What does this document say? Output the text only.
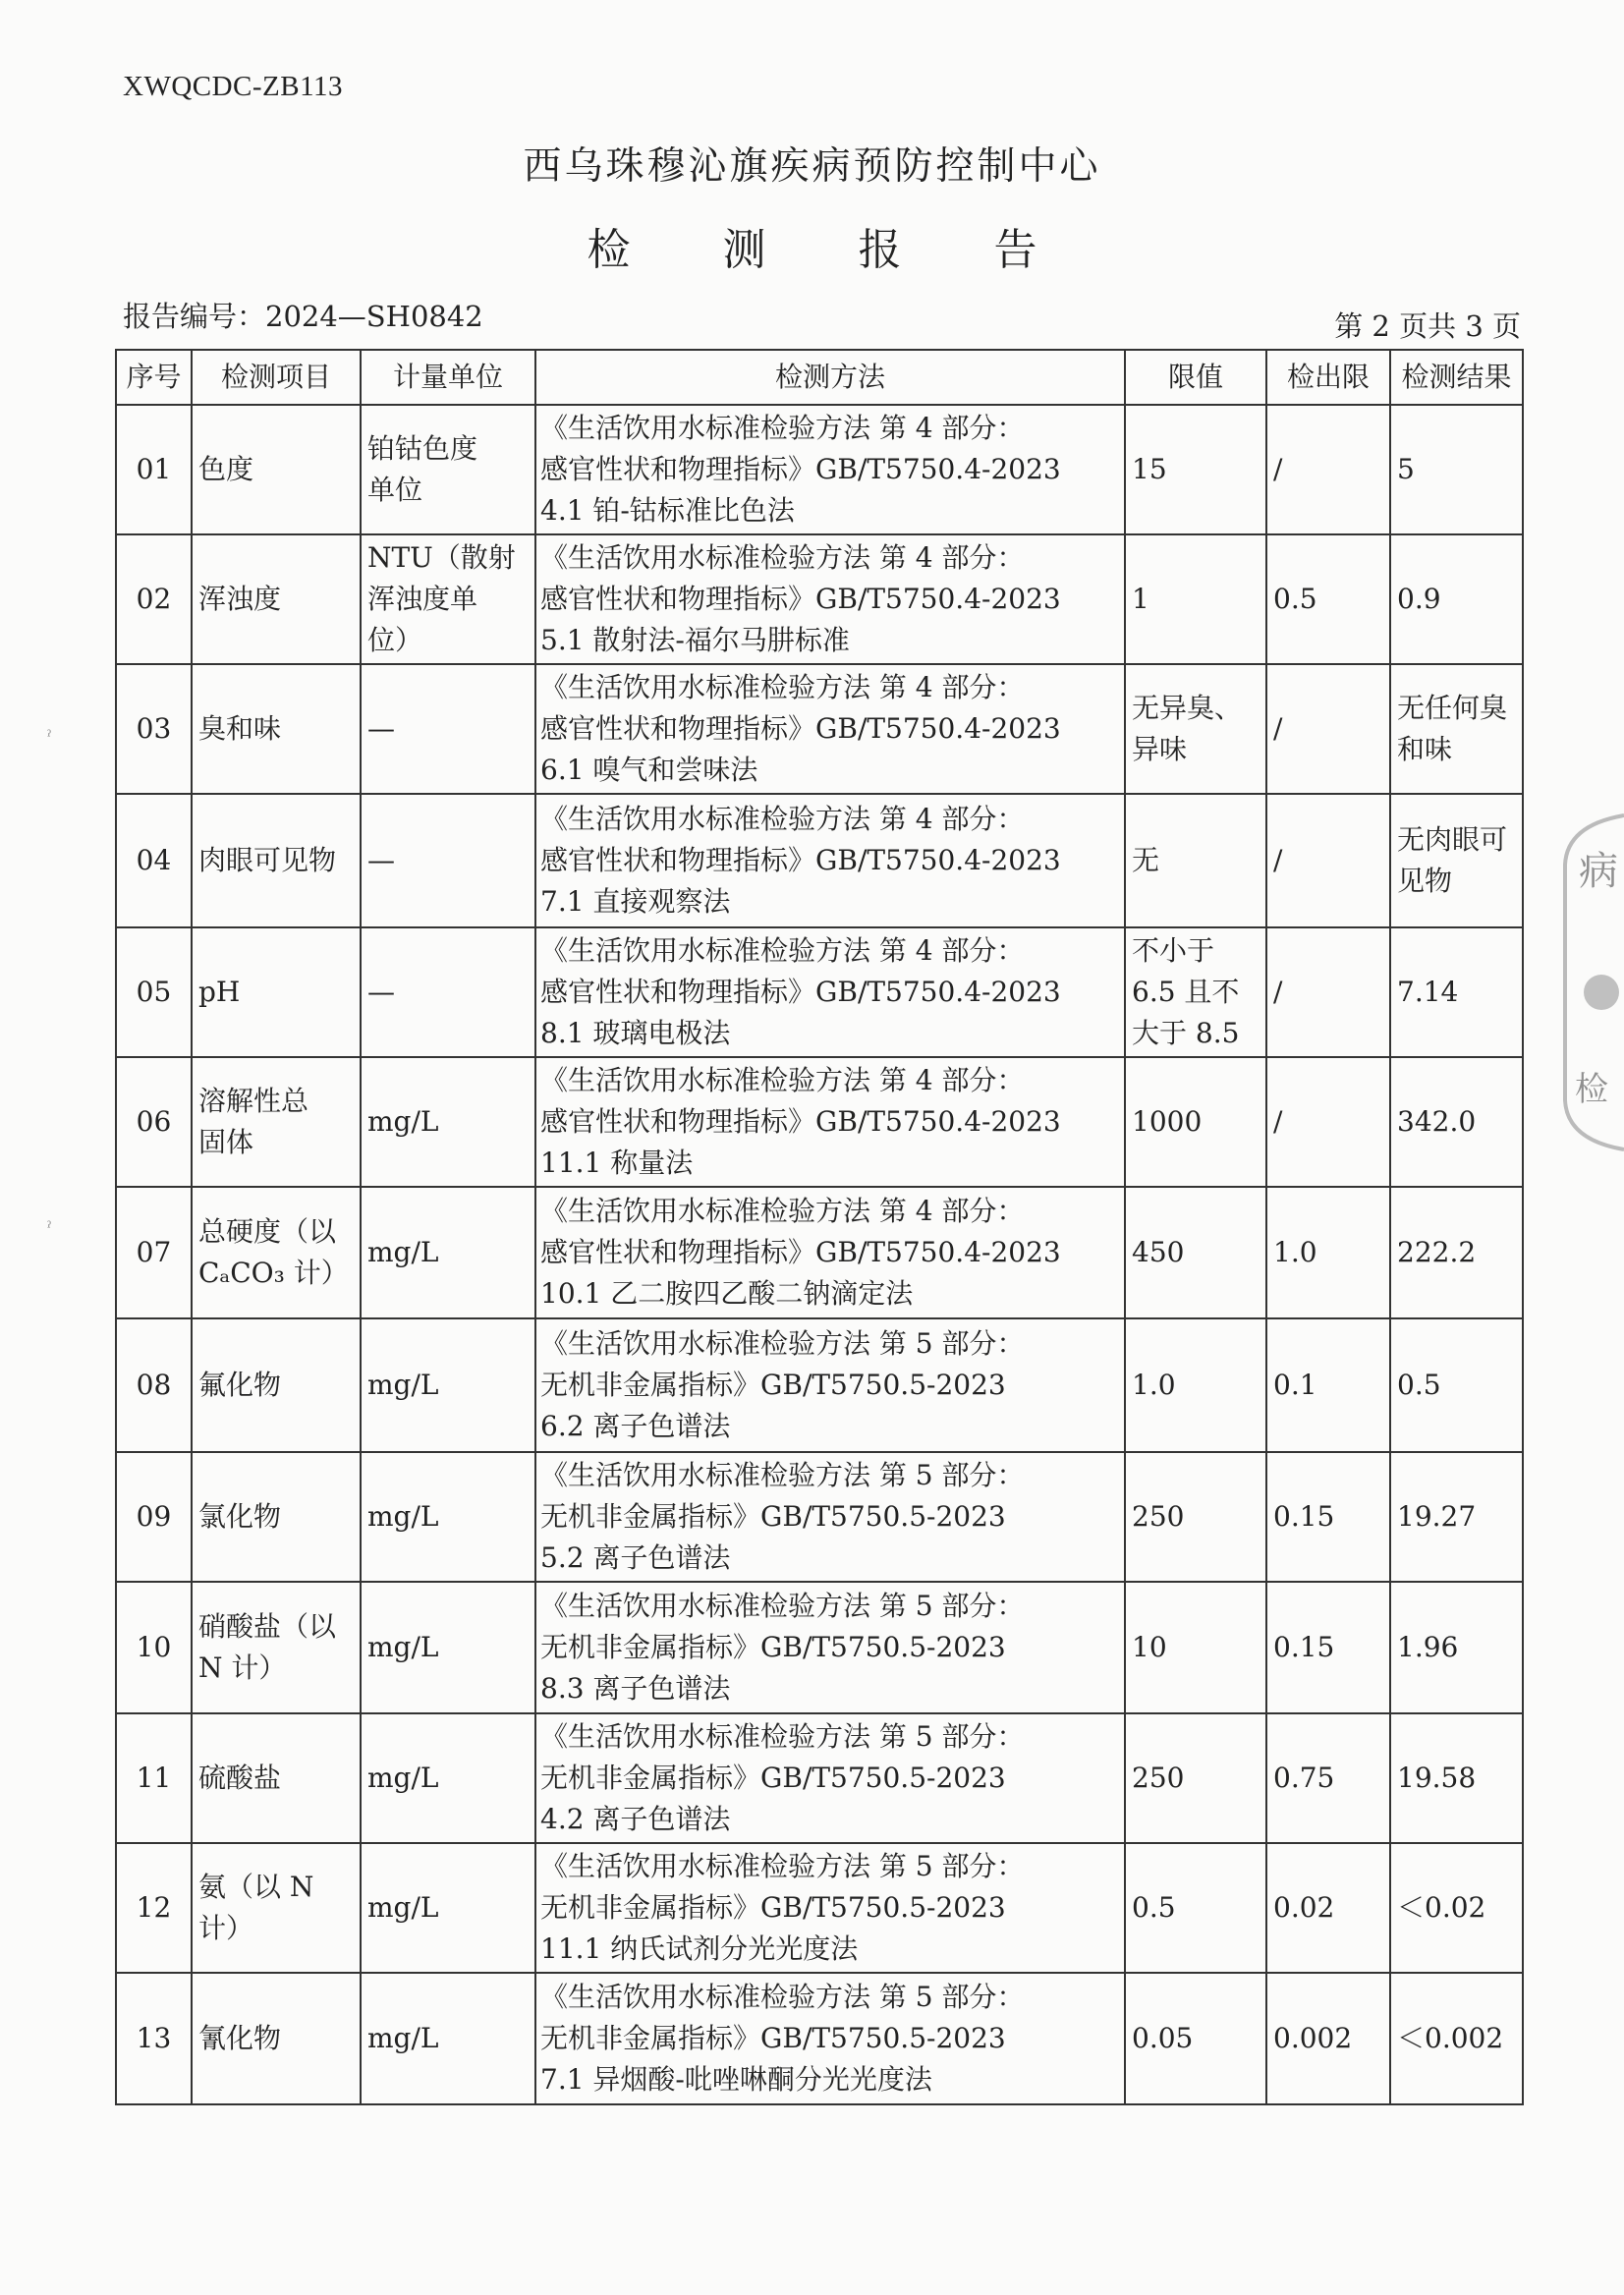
XWQCDC-ZB113
西乌珠穆沁旗疾病预防控制中心
检 测 报 告
报告编号：2024—SH0842	第 2 页共 3 页
序号	检测项目	计量单位	检测方法	限值	检出限	检测结果
01	色度	铂钴色度
单位	《生活饮用水标准检验方法 第 4 部分：
感官性状和物理指标》GB/T5750.4-2023
4.1 铂-钴标准比色法	15	/	5
02	浑浊度	NTU（散射
浑浊度单
位）	《生活饮用水标准检验方法 第 4 部分：
感官性状和物理指标》GB/T5750.4-2023
5.1 散射法-福尔马肼标准	1	0.5	0.9
03	臭和味	—	《生活饮用水标准检验方法 第 4 部分：
感官性状和物理指标》GB/T5750.4-2023
6.1 嗅气和尝味法	无异臭、
异味	/	无任何臭
和味
04	肉眼可见物	—	《生活饮用水标准检验方法 第 4 部分：
感官性状和物理指标》GB/T5750.4-2023
7.1 直接观察法	无	/	无肉眼可
见物
05	pH	—	《生活饮用水标准检验方法 第 4 部分：
感官性状和物理指标》GB/T5750.4-2023
8.1 玻璃电极法	不小于
6.5 且不
大于 8.5	/	7.14
06	溶解性总
固体	mg/L	《生活饮用水标准检验方法 第 4 部分：
感官性状和物理指标》GB/T5750.4-2023
11.1 称量法	1000	/	342.0
07	总硬度（以
CₐCO₃ 计）	mg/L	《生活饮用水标准检验方法 第 4 部分：
感官性状和物理指标》GB/T5750.4-2023
10.1 乙二胺四乙酸二钠滴定法	450	1.0	222.2
08	氟化物	mg/L	《生活饮用水标准检验方法 第 5 部分：
无机非金属指标》GB/T5750.5-2023
6.2 离子色谱法	1.0	0.1	0.5
09	氯化物	mg/L	《生活饮用水标准检验方法 第 5 部分：
无机非金属指标》GB/T5750.5-2023
5.2 离子色谱法	250	0.15	19.27
10	硝酸盐（以
N 计）	mg/L	《生活饮用水标准检验方法 第 5 部分：
无机非金属指标》GB/T5750.5-2023
8.3 离子色谱法	10	0.15	1.96
11	硫酸盐	mg/L	《生活饮用水标准检验方法 第 5 部分：
无机非金属指标》GB/T5750.5-2023
4.2 离子色谱法	250	0.75	19.58
12	氨（以 N
计）	mg/L	《生活饮用水标准检验方法 第 5 部分：
无机非金属指标》GB/T5750.5-2023
11.1 纳氏试剂分光光度法	0.5	0.02	＜0.02
13	氰化物	mg/L	《生活饮用水标准检验方法 第 5 部分：
无机非金属指标》GB/T5750.5-2023
7.1 异烟酸-吡唑啉酮分光光度法	0.05	0.002	＜0.002
病
检
ˀ
ˀ
